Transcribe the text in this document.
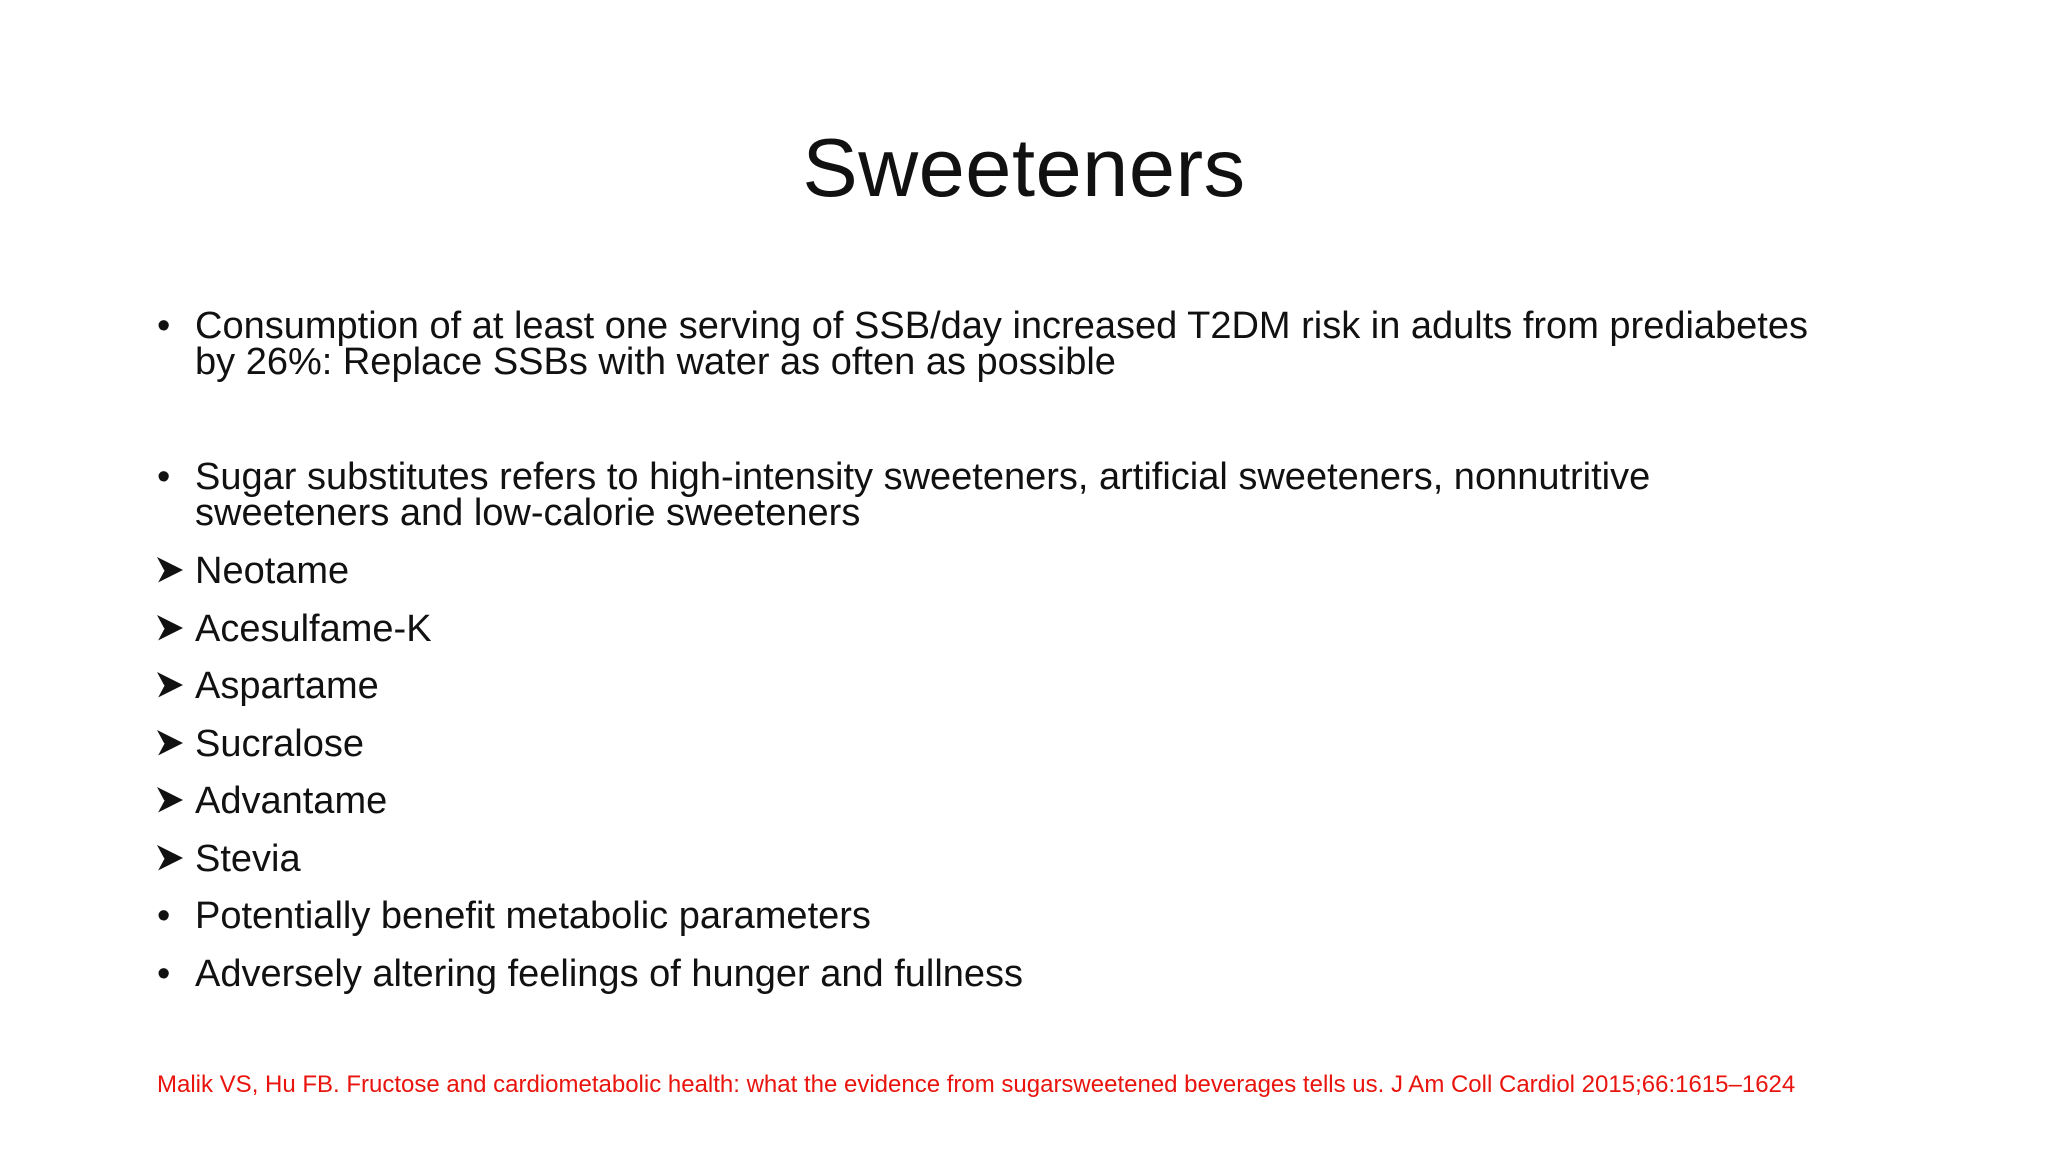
Sweeteners
• Consumption of at least one serving of SSB/day increased T2DM risk in adults from prediabetes
by 26%: Replace SSBs with water as often as possible
• Sugar substitutes refers to high-intensity sweeteners, artificial sweeteners, nonnutritive
sweeteners and low-calorie sweeteners
Neotame
Acesulfame-K
Aspartame
Sucralose
Advantame
Stevia
• Potentially benefit metabolic parameters
• Adversely altering feelings of hunger and fullness
Malik VS, Hu FB. Fructose and cardiometabolic health: what the evidence from sugarsweetened beverages tells us. J Am Coll Cardiol 2015;66:1615–1624
